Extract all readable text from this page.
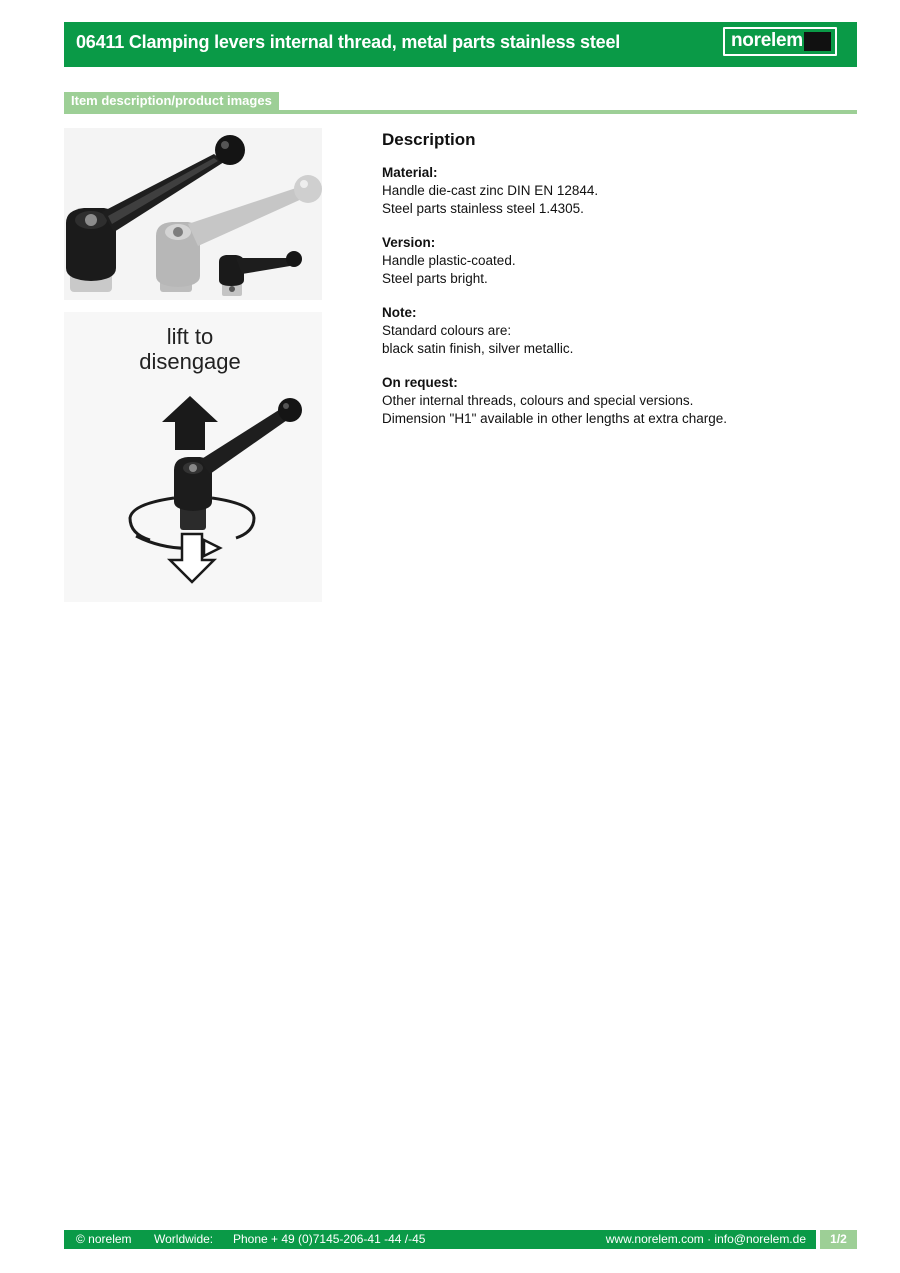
06411 Clamping levers internal thread, metal parts stainless steel	norelem
Item description/product images
lift to
disengage
Description
Material:
Handle die-cast zinc DIN EN 12844.
Steel parts stainless steel 1.4305.
Version:
Handle plastic-coated.
Steel parts bright.
Note:
Standard colours are:
black satin finish, silver metallic.
On request:
Other internal threads, colours and special versions.
Dimension "H1" available in other lengths at extra charge.
© norelem Worldwide: Phone + 49 (0)7145-206-41 -44 /-45	www.norelem.com · info@norelem.de	1/2
